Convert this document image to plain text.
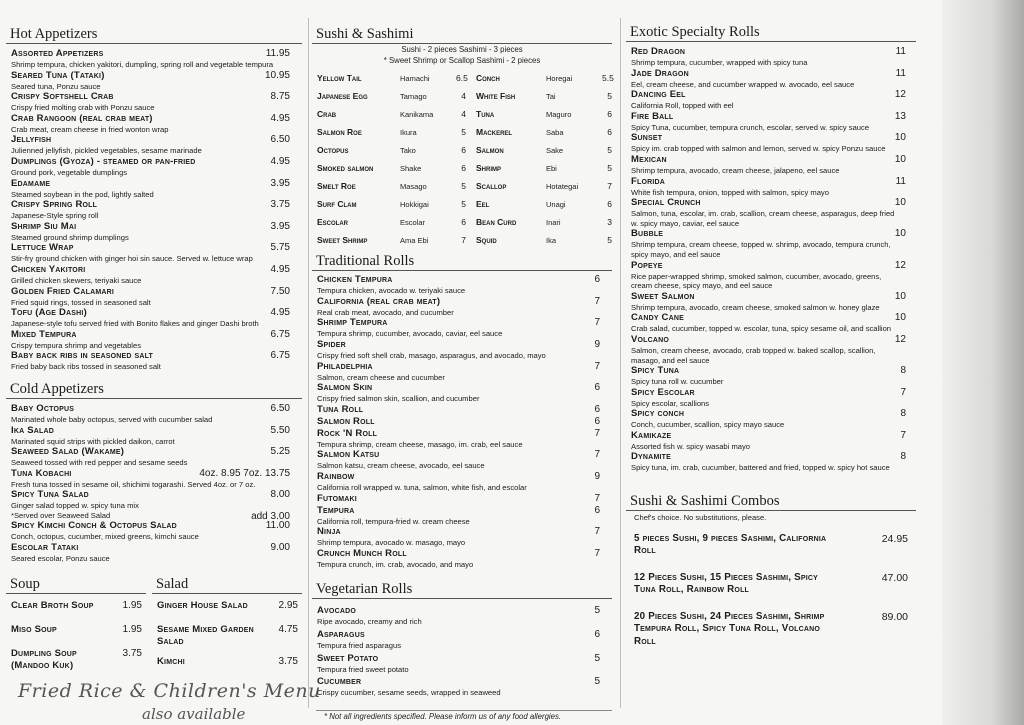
Hot Appetizers
Assorted Appetizers	11.95
Shrimp tempura, chicken yakitori, dumpling, spring roll and vegetable tempura
Seared Tuna (Tataki)	10.95
Seared tuna, Ponzu sauce
Crispy Softshell Crab	8.75
Crispy fried molting crab with Ponzu sauce
Crab Rangoon (real crab meat)	4.95
Crab meat, cream cheese in fried wonton wrap
Jellyfish	6.50
Julienned jellyfish, pickled vegetables, sesame marinade
Dumplings (Gyoza) - steamed or pan-fried	4.95
Ground pork, vegetable dumplings
Edamame	3.95
Steamed soybean in the pod, lightly salted
Crispy Spring Roll	3.75
Japanese-Style spring roll
Shrimp Siu Mai	3.95
Steamed ground shrimp dumplings
Lettuce Wrap	5.75
Stir-fry ground chicken with ginger hoi sin sauce. Served w. lettuce wrap
Chicken Yakitori	4.95
Grilled chicken skewers, teriyaki sauce
Golden Fried Calamari	7.50
Fried squid rings, tossed in seasoned salt
Tofu (Age Dashi)	4.95
Japanese-style tofu served fried with Bonito flakes and ginger Dashi broth
Mixed Tempura	6.75
Crispy tempura shrimp and vegetables
Baby back ribs in seasoned salt	6.75
Fried baby back ribs tossed in seasoned salt
Cold Appetizers
Baby Octopus	6.50
Marinated whole baby octopus, served with cucumber salad
Ika Salad	5.50
Marinated squid strips with pickled daikon, carrot
Seaweed Salad (Wakame)	5.25
Seaweed tossed with red pepper and sesame seeds
Tuna Kobachi	4oz. 8.95 7oz. 13.75
Fresh tuna tossed in sesame oil, shichimi togarashi. Served 4oz. or 7 oz.
Spicy Tuna Salad	8.00
Ginger salad topped w. spicy tuna mix
add 3.00
*Served over Seaweed Salad
Spicy Kimchi Conch & Octopus Salad	11.00
Conch, octopus, cucumber, mixed greens, kimchi sauce
Escolar Tataki	9.00
Seared escolar, Ponzu sauce
Soup
Clear Broth Soup	1.95
Miso Soup	1.95
Dumpling Soup (Mandoo Kuk)
3.75
Salad
Ginger House Salad	2.95
Sesame Mixed Garden Salad
4.75
Kimchi	3.75
Fried Rice & Children's Menu
also available
Sushi & Sashimi
Sushi - 2 pieces Sashimi - 3 pieces
* Sweet Shrimp or Scallop Sashimi - 2 pieces
Yellow Tail	Hamachi	6.5 Conch	Horegai	5.5
Japanese Egg	Tamago	4 White Fish	Tai	5
Crab	Kanikama	4 Tuna	Maguro	6
Salmon Roe	Ikura	5 Mackerel	Saba	6
Octopus	Tako	6 Salmon	Sake	5
Smoked salmon	Shake	6 Shrimp	Ebi	5
Smelt Roe	Masago	5 Scallop	Hotategai	7
Surf Clam	Hokkigai	5 Eel	Unagi	6
Escolar	Escolar	6 Bean Curd	Inari	3
Sweet Shrimp	Ama Ebi	7 Squid	Ika	5
Traditional Rolls
Chicken Tempura	6
Tempura chicken, avocado w. teriyaki sauce
California (real crab meat)	7
Real crab meat, avocado, and cucumber
Shrimp Tempura	7
Tempura shrimp, cucumber, avocado, caviar, eel sauce
Spider	9
Crispy fried soft shell crab, masago, asparagus, and avocado, mayo
Philadelphia	7
Salmon, cream cheese and cucumber
Salmon Skin	6
Crispy fried salmon skin, scallion, and cucumber
Tuna Roll	6
Salmon Roll	6
Rock 'N Roll	7
Tempura shrimp, cream cheese, masago, im. crab, eel sauce
Salmon Katsu	7
Salmon katsu, cream cheese, avocado, eel sauce
Rainbow	9
California roll wrapped w. tuna, salmon, white fish, and escolar
Futomaki	7
Tempura	6
California roll, tempura-fried w. cream cheese
Ninja	7
Shrimp tempura, avocado w. masago, mayo
Crunch Munch Roll	7
Tempura crunch, im. crab, avocado, and mayo
Vegetarian Rolls
Avocado	5
Ripe avocado, creamy and rich
Asparagus	6
Tempura fried asparagus
Sweet Potato	5
Tempura fried sweet potato
Cucumber	5
Crispy cucumber, sesame seeds, wrapped in seaweed
* Not all ingredients specified. Please inform us of any food allergies.
Exotic Specialty Rolls
Red Dragon	11
Shrimp tempura, cucumber, wrapped with spicy tuna
Jade Dragon	11
Eel, cream cheese, and cucumber wrapped w. avocado, eel sauce
Dancing Eel	12
California Roll, topped with eel
Fire Ball	13
Spicy Tuna, cucumber, tempura crunch, escolar, served w. spicy sauce
Sunset	10
Spicy im. crab topped with salmon and lemon, served w. spicy Ponzu sauce
Mexican	10
Shrimp tempura, avocado, cream cheese, jalapeno, eel sauce
Florida	11
White fish tempura, onion, topped with salmon, spicy mayo
Special Crunch	10
Salmon, tuna, escolar, im. crab, scallion, cream cheese, asparagus, deep fried w. spicy mayo, caviar, eel sauce
Bubble	10
Shrimp tempura, cream cheese, topped w. shrimp, avocado, tempura crunch, spicy mayo, and eel sauce
Popeye	12
Rice paper-wrapped shrimp, smoked salmon, cucumber, avocado, greens, cream cheese, spicy mayo, and eel sauce
Sweet Salmon	10
Shrimp tempura, avocado, cream cheese, smoked salmon w. honey glaze
Candy Cane	10
Crab salad, cucumber, topped w. escolar, tuna, spicy sesame oil, and scallion
Volcano	12
Salmon, cream cheese, avocado, crab topped w. baked scallop, scallion, masago, and eel sauce
Spicy Tuna	8
Spicy tuna roll w. cucumber
Spicy Escolar	7
Spicy escolar, scallions
Spicy conch	8
Conch, cucumber, scallion, spicy mayo sauce
Kamikaze	7
Assorted fish w. spicy wasabi mayo
Dynamite	8
Spicy tuna, im. crab, cucumber, battered and fried, topped w. spicy hot sauce
Sushi & Sashimi Combos
Chef's choice. No substitutions, please.
5 pieces Sushi, 9 pieces Sashimi, California Roll
24.95
12 Pieces Sushi, 15 Pieces Sashimi, Spicy Tuna Roll, Rainbow Roll
47.00
20 Pieces Sushi, 24 Pieces Sashimi, Shrimp Tempura Roll, Spicy Tuna Roll, Volcano Roll
89.00
